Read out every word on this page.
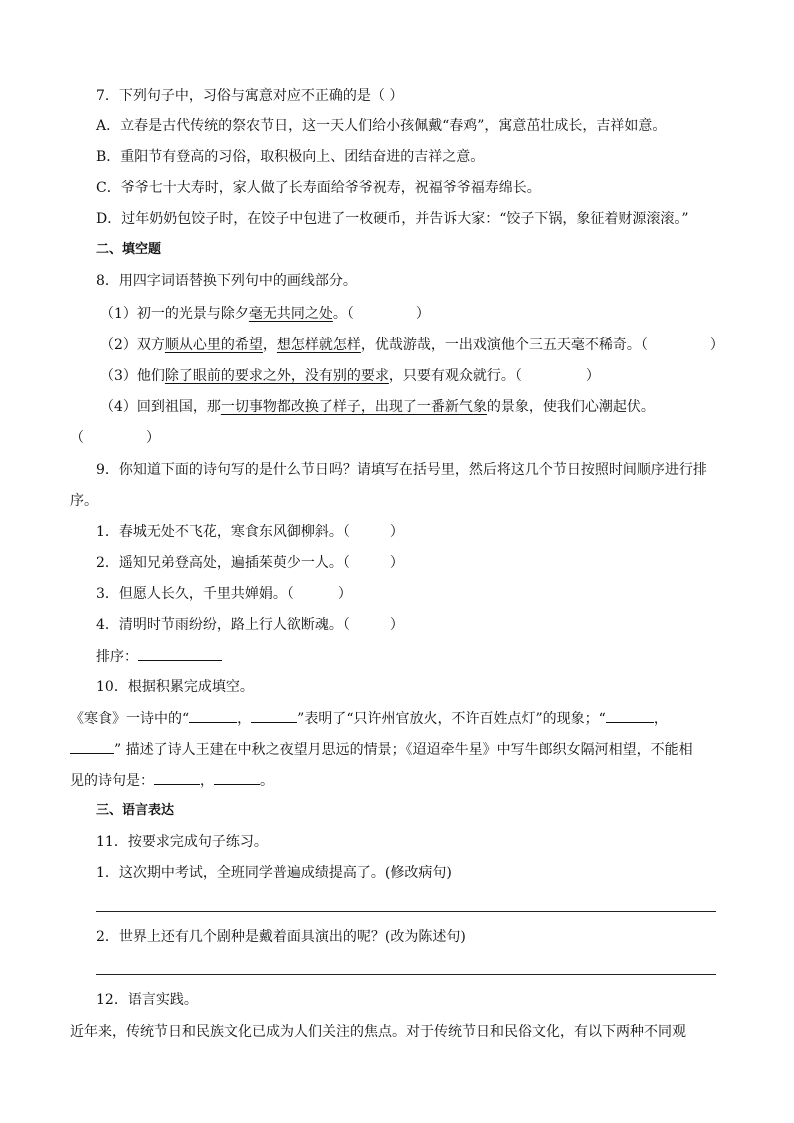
7．下列句子中，习俗与寓意对应不正确的是（ ）
A．立春是古代传统的祭农节日，这一天人们给小孩佩戴“春鸡”，寓意茁壮成长，吉祥如意。
B．重阳节有登高的习俗，取积极向上、团结奋进的吉祥之意。
C．爷爷七十大寿时，家人做了长寿面给爷爷祝寿，祝福爷爷福寿绵长。
D．过年奶奶包饺子时，在饺子中包进了一枚硬币，并告诉大家：“饺子下锅，象征着财源滚滚。”
二、填空题
8．用四字词语替换下列句中的画线部分。
（1）初一的光景与除夕毫无共同之处。（	）
（2）双方顺从心里的希望，想怎样就怎样，优哉游哉，一出戏演他个三五天毫不稀奇。（	）
（3）他们除了眼前的要求之外，没有别的要求，只要有观众就行。（	）
（4）回到祖国，那一切事物都改换了样子，出现了一番新气象的景象，使我们心潮起伏。
（	）
9．你知道下面的诗句写的是什么节日吗？请填写在括号里，然后将这几个节日按照时间顺序进行排
序。
1．春城无处不飞花，寒食东风御柳斜。（	）
2．遥知兄弟登高处，遍插茱萸少一人。（	）
3．但愿人长久，千里共婵娟。（	）
4．清明时节雨纷纷，路上行人欲断魂。（	）
排序：
10．根据积累完成填空。
《寒食》一诗中的“	，	”表明了“只许州官放火，不许百姓点灯”的现象；“	，
” 描述了诗人王建在中秋之夜望月思远的情景；《迢迢牵牛星》中写牛郎织女隔河相望，不能相
见的诗句是：	，	。
三、语言表达
11．按要求完成句子练习。
1．这次期中考试，全班同学普遍成绩提高了。(修改病句)
2．世界上还有几个剧种是戴着面具演出的呢？(改为陈述句)
12．语言实践。
近年来，传统节日和民族文化已成为人们关注的焦点。对于传统节日和民俗文化，有以下两种不同观
